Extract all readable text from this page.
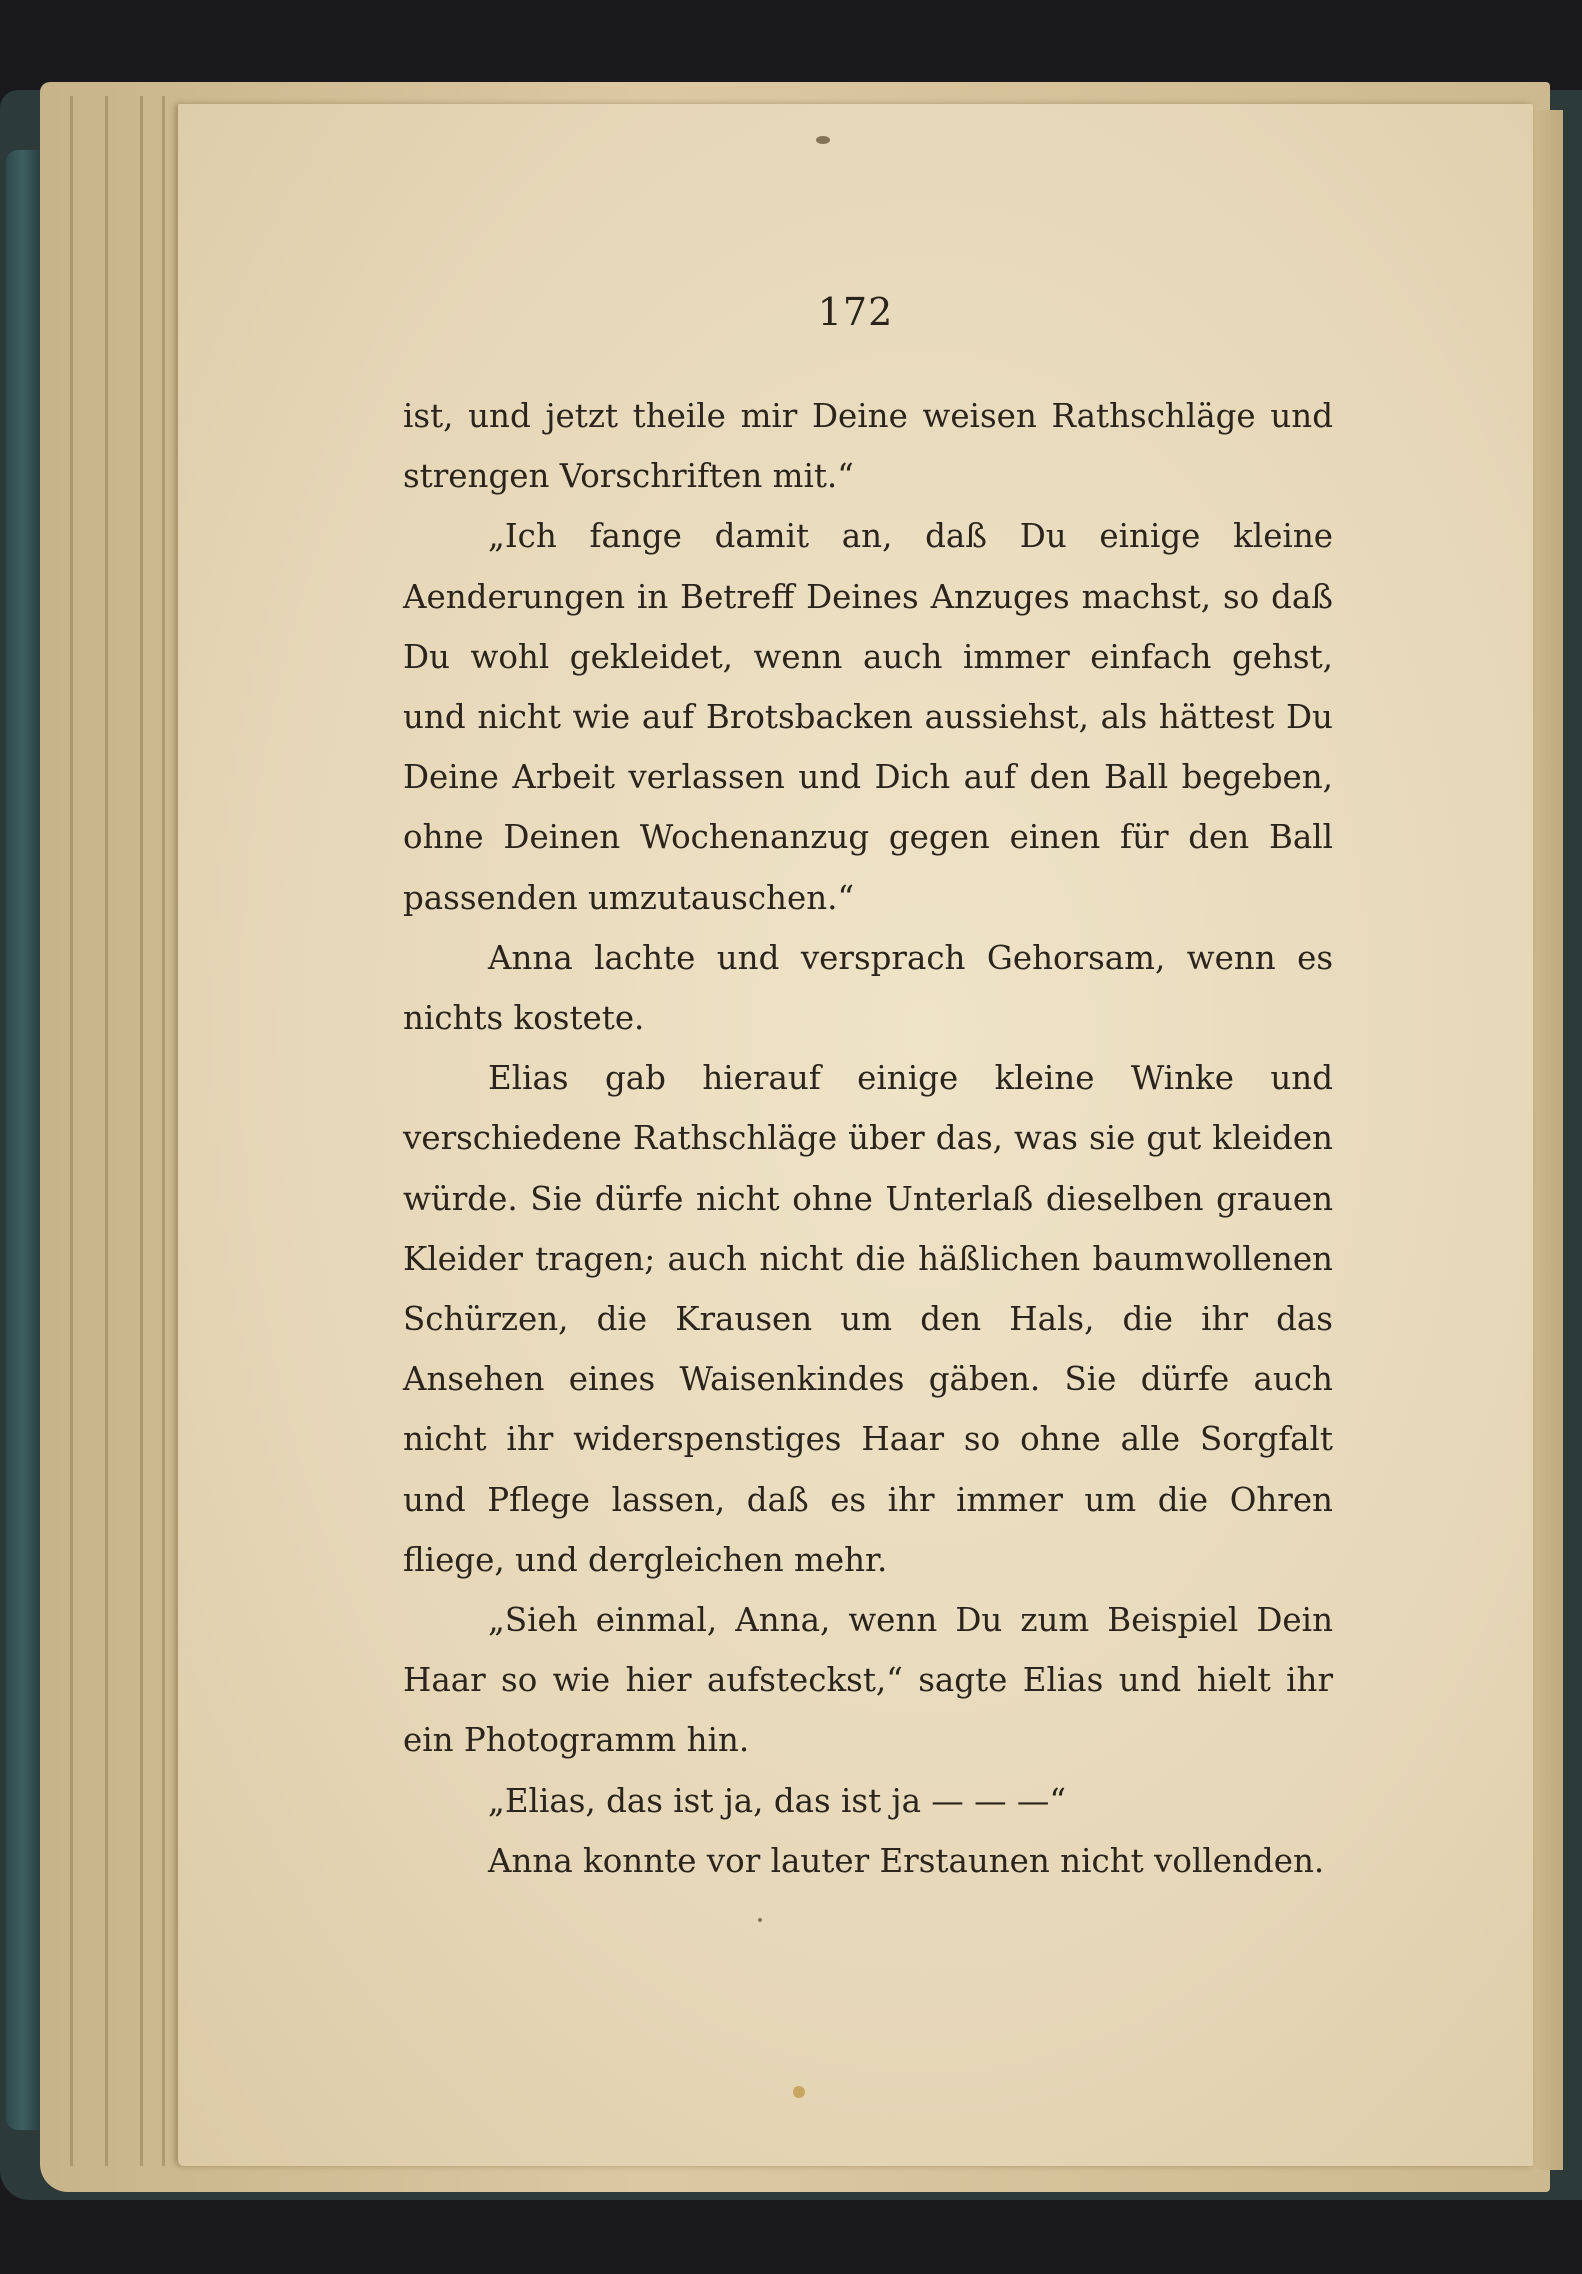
172

ist, und jetzt theile mir Deine weisen Rathschläge und strengen Vorschriften mit.“

„Ich fange damit an, daß Du einige kleine Aenderungen in Betreff Deines Anzuges machst, so daß Du wohl gekleidet, wenn auch immer einfach gehst, und nicht wie auf Brotsbacken aussiehst, als hättest Du Deine Arbeit verlassen und Dich auf den Ball begeben, ohne Deinen Wochenanzug gegen einen für den Ball passenden umzutauschen.“

Anna lachte und versprach Gehorsam, wenn es nichts kostete.

Elias gab hierauf einige kleine Winke und verschiedene Rathschläge über das, was sie gut kleiden würde. Sie dürfe nicht ohne Unterlaß dieselben grauen Kleider tragen; auch nicht die häßlichen baumwollenen Schürzen, die Krausen um den Hals, die ihr das Ansehen eines Waisenkindes gäben. Sie dürfe auch nicht ihr widerspenstiges Haar so ohne alle Sorgfalt und Pflege lassen, daß es ihr immer um die Ohren fliege, und dergleichen mehr.

„Sieh einmal, Anna, wenn Du zum Beispiel Dein Haar so wie hier aufsteckst,“ sagte Elias und hielt ihr ein Photogramm hin.

„Elias, das ist ja, das ist ja — — —“

Anna konnte vor lauter Erstaunen nicht vollenden.
